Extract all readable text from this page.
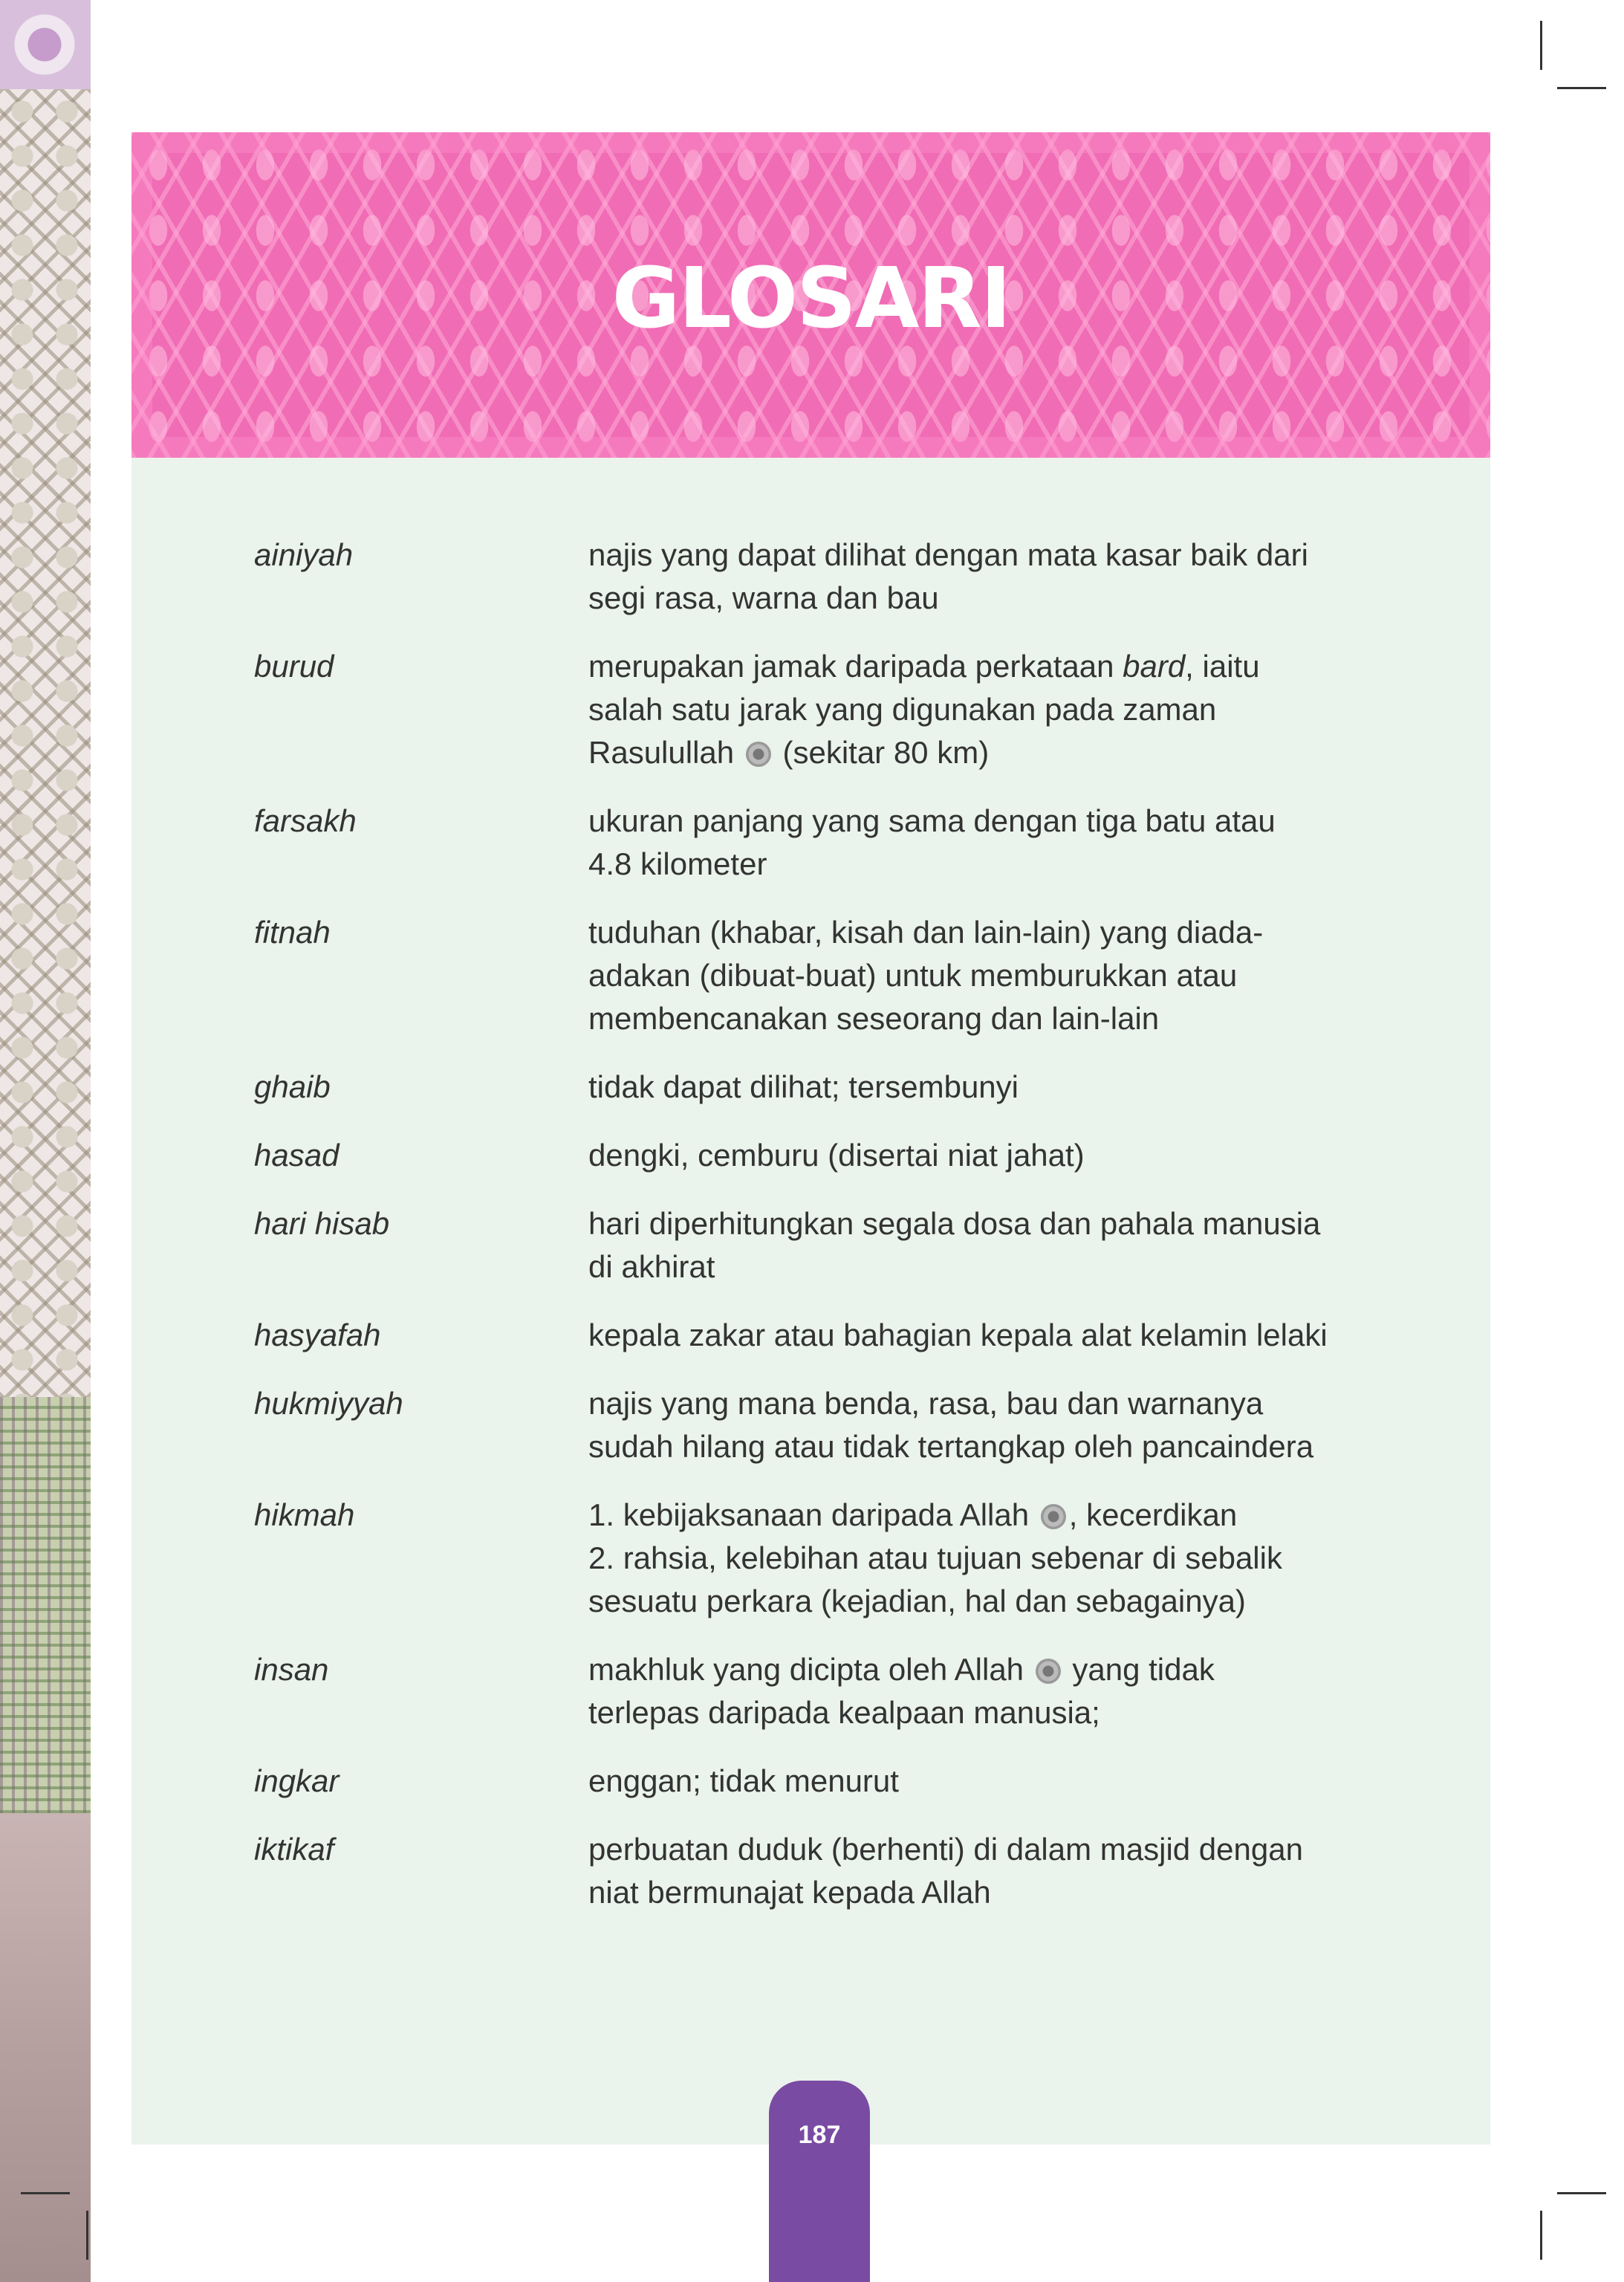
GLOSARI
ainiyah	najis yang dapat dilihat dengan mata kasar baik dari
segi rasa, warna dan bau
burud	merupakan jamak daripada perkataan bard, iaitu
salah satu jarak yang digunakan pada zaman
Rasulullah (sekitar 80 km)
farsakh	ukuran panjang yang sama dengan tiga batu atau
4.8 kilometer
fitnah	tuduhan (khabar, kisah dan lain-lain) yang diada-
adakan (dibuat-buat) untuk memburukkan atau
membencanakan seseorang dan lain-lain
ghaib	tidak dapat dilihat; tersembunyi
hasad	dengki, cemburu (disertai niat jahat)
hari hisab	hari diperhitungkan segala dosa dan pahala manusia
di akhirat
hasyafah	kepala zakar atau bahagian kepala alat kelamin lelaki
hukmiyyah	najis yang mana benda, rasa, bau dan warnanya
sudah hilang atau tidak tertangkap oleh pancaindera
hikmah	1. kebijaksanaan daripada Allah , kecerdikan
2. rahsia, kelebihan atau tujuan sebenar di sebalik
sesuatu perkara (kejadian, hal dan sebagainya)
insan	makhluk yang dicipta oleh Allah yang tidak
terlepas daripada kealpaan manusia;
ingkar	enggan; tidak menurut
iktikaf	perbuatan duduk (berhenti) di dalam masjid dengan
niat bermunajat kepada Allah
187
